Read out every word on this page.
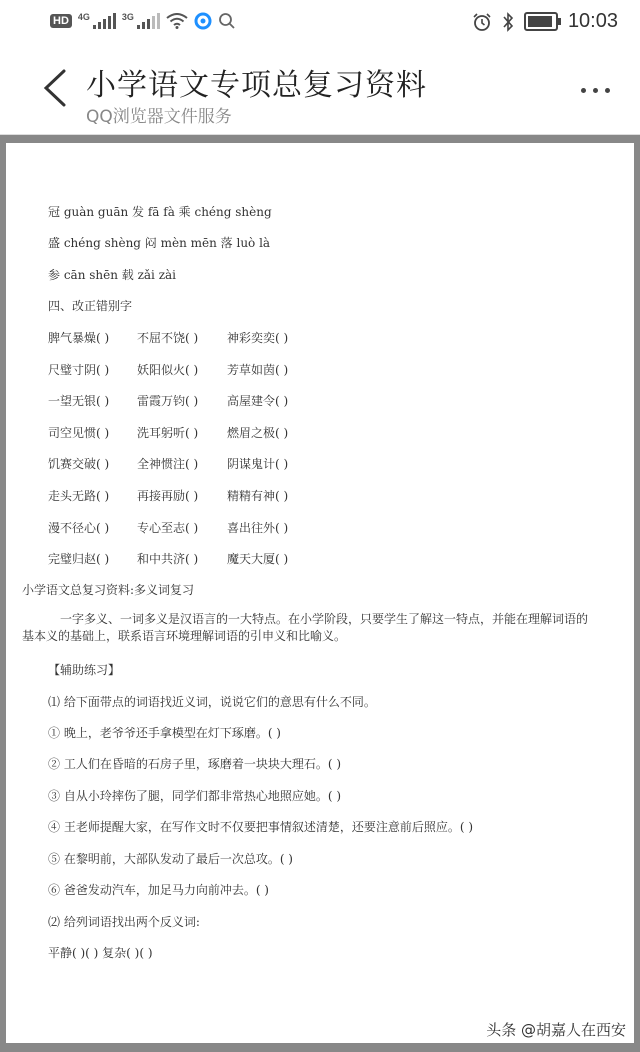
HD	4G	3G	10:03
小学语文专项总复习资料
QQ浏览器文件服务
冠 guàn guān 发 fā fà 乘 chéng shèng
盛 chéng shèng 闷 mèn mēn 落 luò là
参 cān shēn 载 zǎi zài
四、改正错别字
脾气暴燥( ) 不屈不饶( ) 神彩奕奕( )
尺璧寸阴( ) 妖阳似火( ) 芳草如茵( )
一望无银( ) 雷霞万钧( ) 高屋建令( )
司空见惯( ) 洗耳躬听( ) 燃眉之极( )
饥赛交破( ) 全神惯注( ) 阴谋鬼计( )
走头无路( ) 再接再励( ) 精精有神( )
漫不径心( ) 专心至志( ) 喜出往外( )
完璧归赵( ) 和中共济( ) 魔天大厦( )
小学语文总复习资料:多义词复习
一字多义、一词多义是汉语言的一大特点。在小学阶段，只要学生了解这一特点，并能在理解词语的基本义的基础上，联系语言环境理解词语的引申义和比喻义。
【辅助练习】
⑴ 给下面带点的词语找近义词，说说它们的意思有什么不同。
① 晚上，老爷爷还手拿模型在灯下琢磨。( )
② 工人们在昏暗的石房子里，琢磨着一块块大理石。( )
③ 自从小玲摔伤了腿，同学们都非常热心地照应她。( )
④ 王老师提醒大家，在写作文时不仅要把事情叙述清楚，还要注意前后照应。( )
⑤ 在黎明前，大部队发动了最后一次总攻。( )
⑥ 爸爸发动汽车，加足马力向前冲去。( )
⑵ 给列词语找出两个反义词:
平静( )( ) 复杂( )( )
头条 @胡嘉人在西安
